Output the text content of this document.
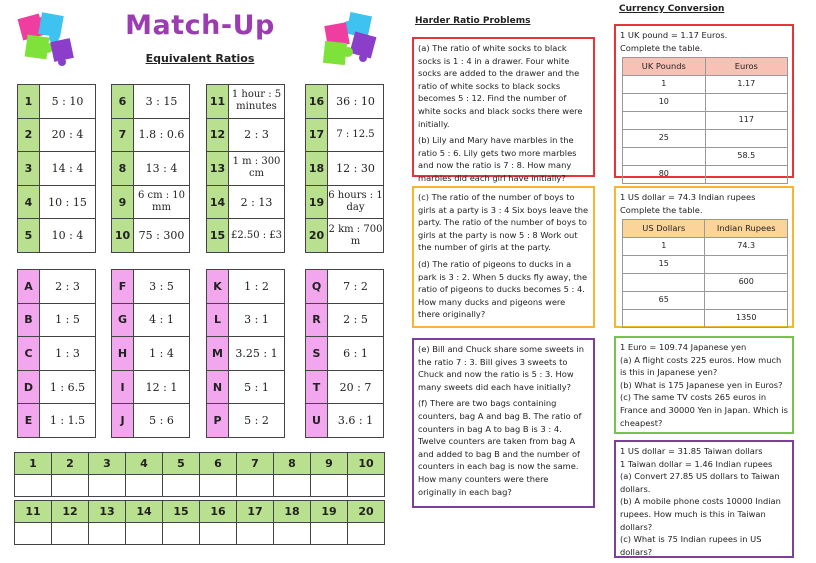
Match-Up
Equivalent Ratios
1	5 : 10
2	20 : 4
3	14 : 4
4	10 : 15
5	10 : 4
6	3 : 15
7	1.8 : 0.6
8	13 : 4
9	6 cm : 10 mm
10	75 : 300
11	1 hour : 5 minutes
12	2 : 3
13	1 m : 300 cm
14	2 : 13
15	£2.50 : £3
16	36 : 10
17	7 : 12.5
18	12 : 30
19	6 hours : 1 day
20	2 km : 700 m
A	2 : 3
B	1 : 5
C	1 : 3
D	1 : 6.5
E	1 : 1.5
F	3 : 5
G	4 : 1
H	1 : 4
I	12 : 1
J	5 : 6
K	1 : 2
L	3 : 1
M	3.25 : 1
N	5 : 1
P	5 : 2
Q	7 : 2
R	2 : 5
S	6 : 1
T	20 : 7
U	3.6 : 1
1	2	3	4	5	6	7	8	9	10

11	12	13	14	15	16	17	18	19	20

Harder Ratio Problems

(a) The ratio of white socks to black socks is 1 : 4 in a drawer. Four white socks are added to the drawer and the ratio of white socks to black socks becomes 5 : 12. Find the number of white socks and black socks there were initially.

(b) Lily and Mary have marbles in the ratio 5 : 6. Lily gets two more marbles and now the ratio is 7 : 8. How many marbles did each girl have initially?

(c) The ratio of the number of boys to girls at a party is 3 : 4 Six boys leave the party. The ratio of the number of boys to girls at the party is now 5 : 8 Work out the number of girls at the party.

(d) The ratio of pigeons to ducks in a park is 3 : 2. When 5 ducks fly away, the ratio of pigeons to ducks becomes 5 : 4. How many ducks and pigeons were there originally?

(e) Bill and Chuck share some sweets in the ratio 7 : 3. Bill gives 3 sweets to Chuck and now the ratio is 5 : 3. How many sweets did each have initially?

(f) There are two bags containing counters, bag A and bag B. The ratio of counters in bag A to bag B is 3 : 4. Twelve counters are taken from bag A and added to bag B and the number of counters in each bag is now the same. How many counters were there originally in each bag?

Currency Conversion
1 UK pound = 1.17 Euros.
Complete the table.
UK Pounds	Euros
1	1.17
10	
	117
25	
	58.5
80	
1 US dollar = 74.3 Indian rupees
Complete the table.
US Dollars	Indian Rupees
1	74.3
15	
	600
65	
	1350
1 Euro = 109.74 Japanese yen
(a) A flight costs 225 euros. How much is this in Japanese yen?
(b) What is 175 Japanese yen in Euros?
(c) The same TV costs 265 euros in France and 30000 Yen in Japan. Which is cheapest?
1 US dollar = 31.85 Taiwan dollars
1 Taiwan dollar = 1.46 Indian rupees
(a) Convert 27.85 US dollars to Taiwan dollars.
(b) A mobile phone costs 10000 Indian rupees. How much is this in Taiwan dollars?
(c) What is 75 Indian rupees in US dollars?
